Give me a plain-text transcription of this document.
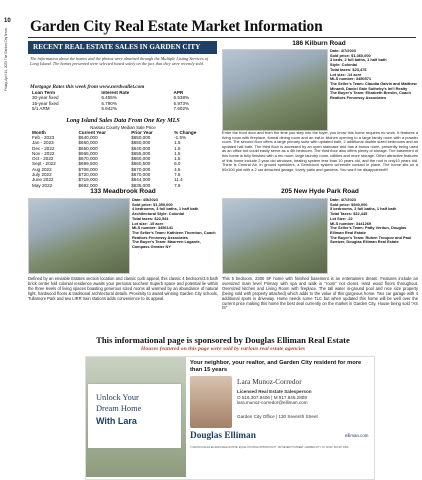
10
Friday, April 14, 2023 The Garden City News
Garden City Real Estate Market Information
RECENT REAL ESTATE SALES IN GARDEN CITY
The information about the homes and the photos were obtained through the Multiple Listing Services of Long Island. The homes presented were selected based solely on the fact that they were recently sold.
Mortgage Rates this week from www.nerdwallet.com
Loan Term	Interest Rate	APR
30-year fixed	6.455%	6.538%
15-year fixed	5.790%	5.973%
5/1 ARM	5.942%	7.602%
Long Island Sales Data From One Key MLS
Nassau County Median Sale Price
Month	Current Year	Prior Year	% Change
Feb - 2023	$640,000	$650,000	-1.5%
Jan - 2023	$660,000	$650,000	1.5
Dec - 2022	$650,000	$640,000	1.6
Nov - 2022	$665,000	$655,000	1.5
Oct - 2022	$670,000	$660,000	1.5
Sept - 2022	$699,500	$660,500	6.0
Aug 2022	$708,000	$670,000	4.5
July 2022	$720,000	$670,000	7.5
June 2022	$719,000	$644,000	11.4
May 2022	$692,000	$635,000	7.9
186 Kilburn Road
Date: 4/7/2023
Sold price: $1,360,000
3 beds, 2 full baths, 1 half bath
Style: Colonial
Total taxes: $23,475
Lot size: .14 acre
MLS number: 3450571
The Seller's Team: Claudia Galvin and Matthew Minardi, Daniel Gale Sotheby's Int'l Realty
The Buyer's Team: Elizabeth Breslin, Coach Realtors Fennessy Associates
Enter the front door and from the time you step into the foyer, you know this home requires no work. It features a living room with fireplace, formal dining room and an eat-in kitchen opening to a large family room with a powder room. The second floor offers a large primary suite with updated bath, 2 additional double sized bedrooms and an updated hall bath. The third floor is accessed by an open staircase and has a bonus room, presently being used as an office but could easily serve as a 4th bedroom. The third floor also offers plenty of storage. The basement of this home is fully finished with a rec room, large laundry room, utilities and more storage. Other attractive features of this home include 2 year old windows, heating system less than 10 years old, and the roof is only10 years old. There is Central Air, In ground sprinklers, a Semicicon system w/remote contact in place. The home sits on a 60x100 plot with a 2 car detached garage, lovely patio and gardens. You won't be disappointed!!!
133 Meadbrook Road
Date: 4/5/2023
Sold price: $1,350,000
4 bedrooms, 3 full baths, 1 half bath
Architectural Style: Colonial
Total taxes: $22,544
Lot size: .15 acre
MLS number: 3456141
The Seller's Team: Kathleen Thornton, Coach Realtors Fennessy Associates
The Buyer's Team: Maureen Lagarde, Compass Greater NY
Defined by an enviable Estates section location and classic curb appeal, this classic 4 bedroom/3.5 bath brick center hall colonial residence awaits your personal touches! Superb space and potential lie within the three levels of living spaces boasting generous sized rooms all warmed by an abundance of natural light, hardwood floors & traditional architectural details. Proximity to award winning Garden City schools, Tullamore Park and two LIRR train stations adds convenience to its appeal.
205 New Hyde Park Road
Date: 4/7/2023
Sold price: $940,000
5 bedrooms, 2 full baths, 1 half bath
Total Taxes: $22,445
Lot Size: .22
MLS number: 3441269
The Seller's Team: Patty Verdun, Douglas Elliman Real Estate
The Buyer's Team: Ruben Troupov and Paul Sweizer, Douglas Elliman Real Estate
This 5 bedroom, 2300 SF home with finished basement is an entertainers dream. Features include an oversized main level Primary with spa and walk in "room" not closet. Hard wood floors throughout. Oversized kitchen and Living Room with fireplace. The tall water in-ground pool and nice size property (being sold with property attached) which adds to the value of this gorgeous home. Two car garage with 4 additional spots in driveway. Home needs some TLC but when updated this home will be well over the current price making this home the best deal currently on the market in Garden City. House being sold "AS IS"
This informational page is sponsored by Douglas Elliman Real Estate
Houses featured on this page were sold by various real estate agencies
Unlock Your
Dream Home
With Lara
Your neighbor, your realtor, and Garden City resident for more than 15 years
Lara Munoz-Corredor
Licensed Real Estate Salesperson
O 516.307.9406 | M 917.846.2808
lara.munoz-corredor@elliman.com
Garden City Office | 130 Seventh Street
Douglas Elliman	elliman.com
© 2023 DOUGLAS ELLIMAN REAL ESTATE. EQUAL HOUSING OPPORTUNITY. 130 SEVENTH STREET, GARDEN CITY, NY 11530. 516.307.9406.
